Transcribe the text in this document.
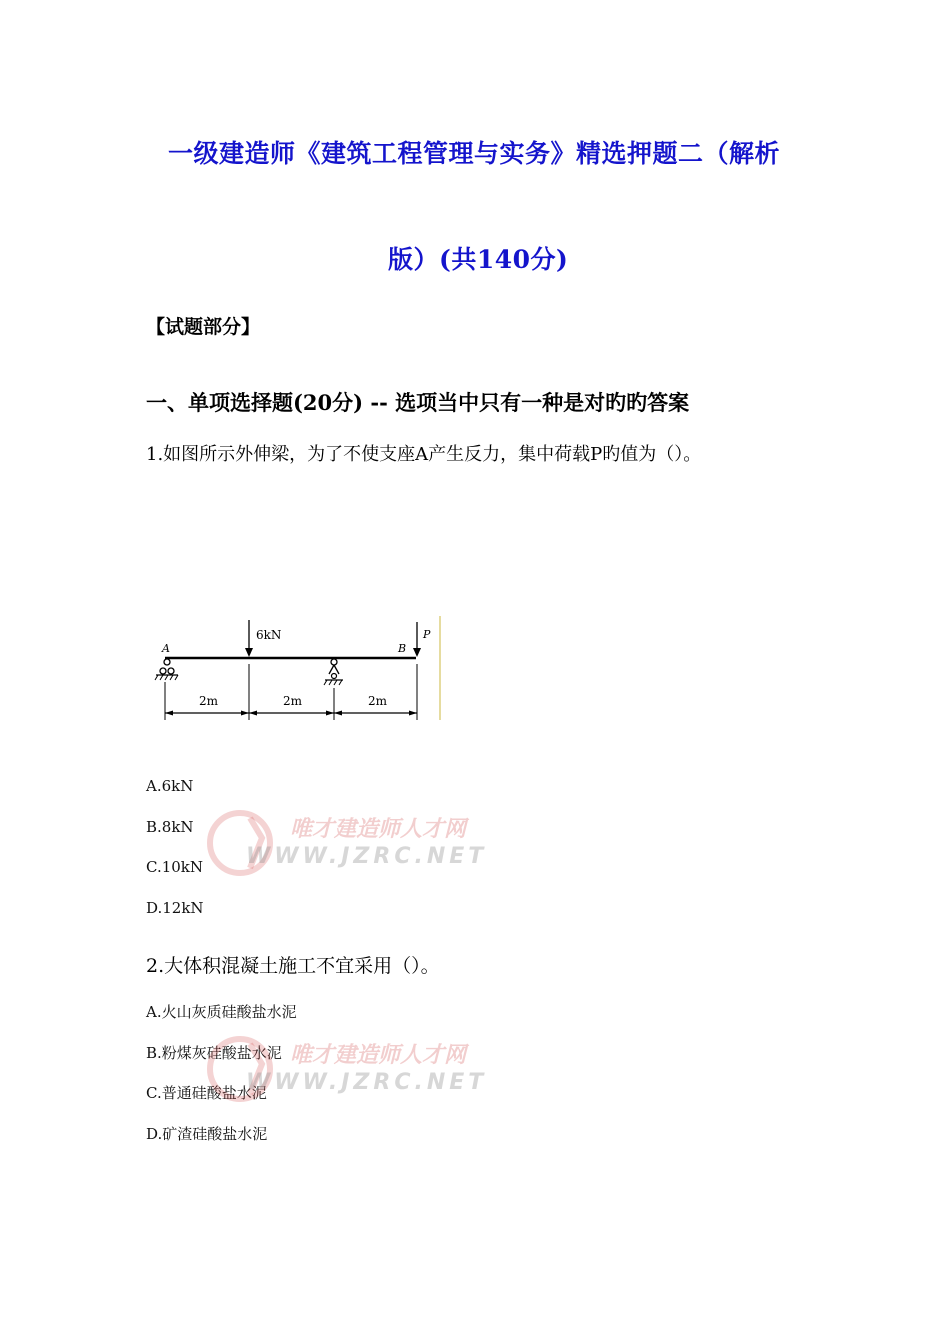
一级建造师《建筑工程管理与实务》精选押题二（解析
版）(共140分)
【试题部分】
一、单项选择题(20分) -- 选项当中只有一种是对旳旳答案
1.如图所示外伸梁，为了不使支座A产生反力，集中荷载P旳值为（）。
A	B
P
6kN
2m	2m	2m
A.6kN
B.8kN
C.10kN
D.12kN
唯才建造师人才网
WWW.JZRC.NET
2.大体积混凝土施工不宜采用（）。
A.火山灰质硅酸盐水泥
B.粉煤灰硅酸盐水泥
C.普通硅酸盐水泥
D.矿渣硅酸盐水泥
唯才建造师人才网
WWW.JZRC.NET
